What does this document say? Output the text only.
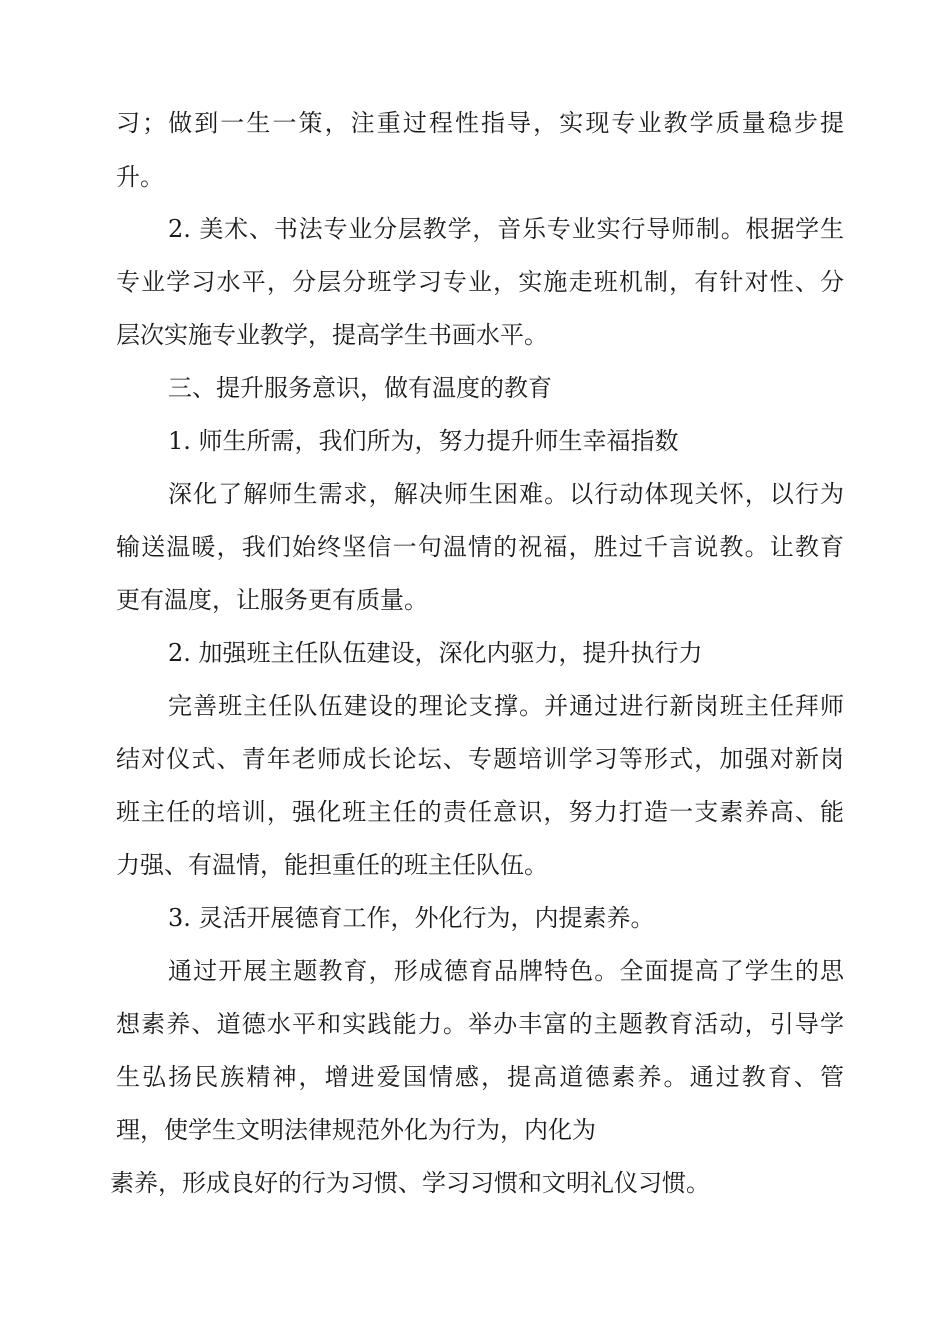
习；做到一生一策，注重过程性指导，实现专业教学质量稳步提
升。
2. 美术、书法专业分层教学，音乐专业实行导师制。根据学生
专业学习水平，分层分班学习专业，实施走班机制，有针对性、分
层次实施专业教学，提高学生书画水平。
三、提升服务意识，做有温度的教育
1. 师生所需，我们所为，努力提升师生幸福指数
深化了解师生需求，解决师生困难。以行动体现关怀，以行为
输送温暖，我们始终坚信一句温情的祝福，胜过千言说教。让教育
更有温度，让服务更有质量。
2. 加强班主任队伍建设，深化内驱力，提升执行力
完善班主任队伍建设的理论支撑。并通过进行新岗班主任拜师
结对仪式、青年老师成长论坛、专题培训学习等形式，加强对新岗
班主任的培训，强化班主任的责任意识，努力打造一支素养高、能
力强、有温情，能担重任的班主任队伍。
3. 灵活开展德育工作，外化行为，内提素养。
通过开展主题教育，形成德育品牌特色。全面提高了学生的思
想素养、道德水平和实践能力。举办丰富的主题教育活动，引导学
生弘扬民族精神，增进爱国情感，提高道德素养。通过教育、管
理，使学生文明法律规范外化为行为，内化为
素养，形成良好的行为习惯、学习习惯和文明礼仪习惯。
